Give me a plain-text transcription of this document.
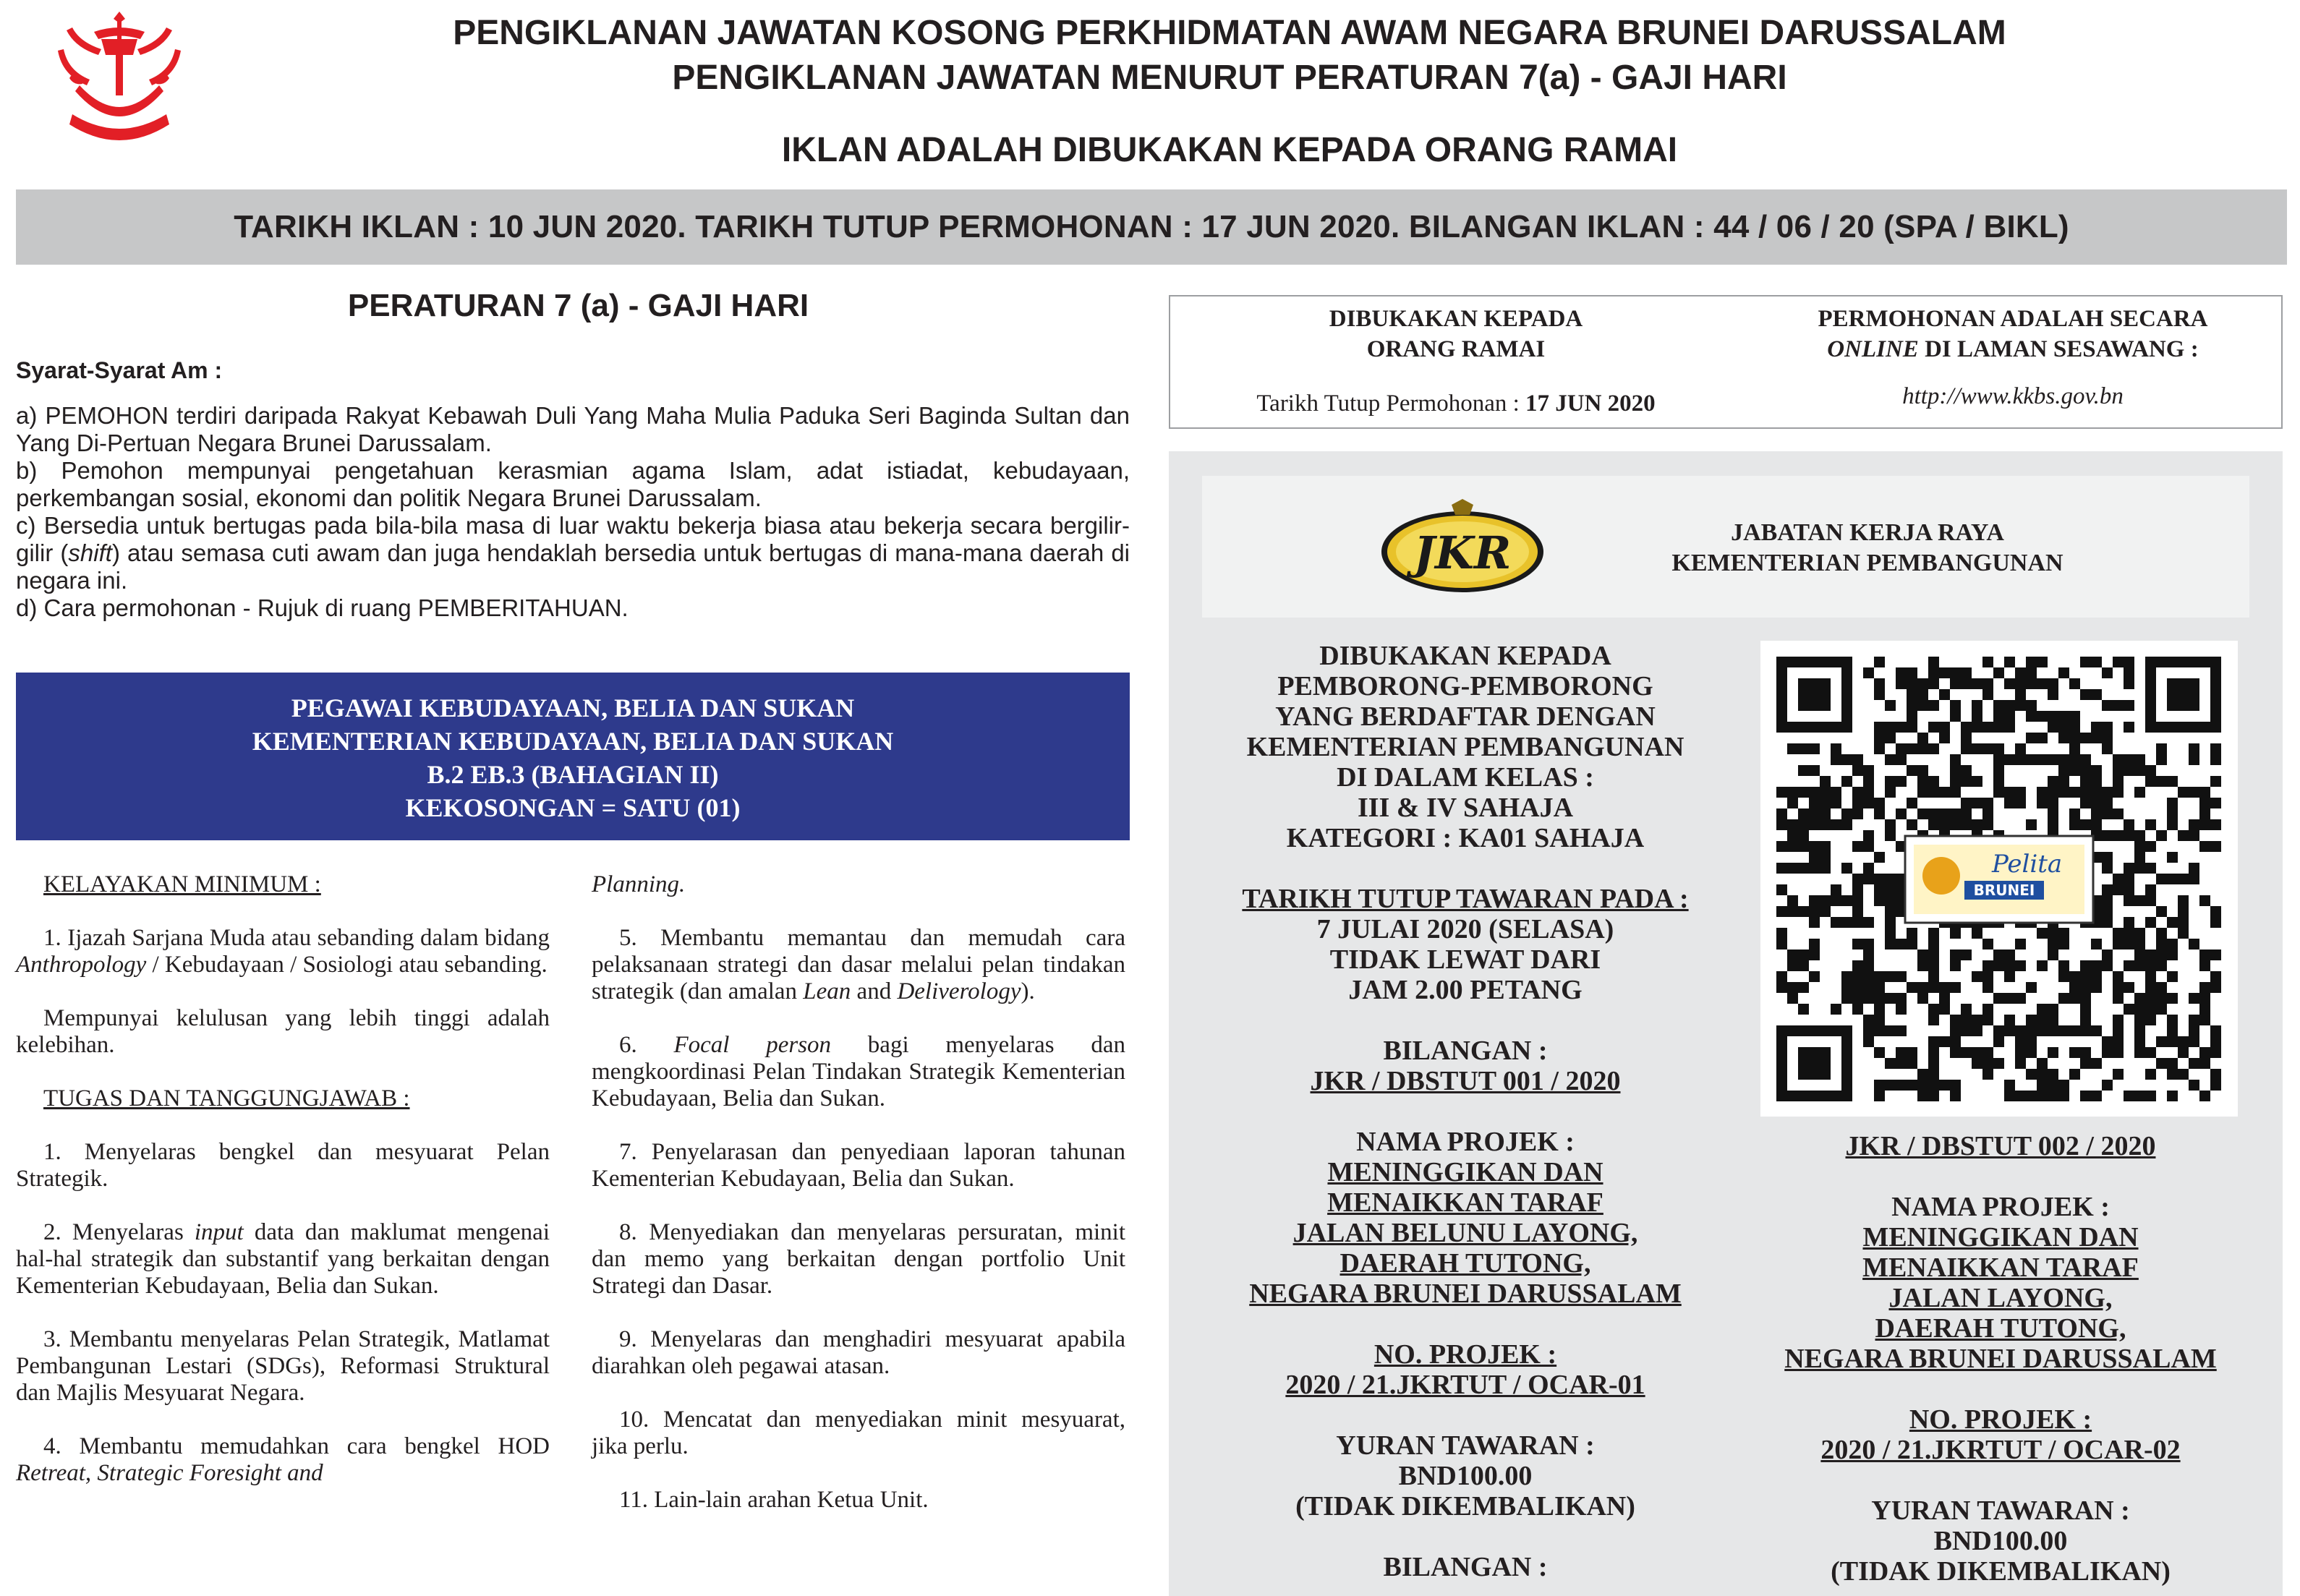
PENGIKLANAN JAWATAN KOSONG PERKHIDMATAN AWAM NEGARA BRUNEI DARUSSALAM
PENGIKLANAN JAWATAN MENURUT PERATURAN 7(a) - GAJI HARI
IKLAN ADALAH DIBUKAKAN KEPADA ORANG RAMAI
TARIKH IKLAN : 10 JUN 2020. TARIKH TUTUP PERMOHONAN : 17 JUN 2020. BILANGAN IKLAN : 44 / 06 / 20 (SPA / BIKL)
PERATURAN 7 (a) - GAJI HARI
Syarat-Syarat Am :

a) PEMOHON terdiri daripada Rakyat Kebawah Duli Yang Maha Mulia Paduka Seri Baginda Sultan dan Yang Di-Pertuan Negara Brunei Darussalam.

b) Pemohon mempunyai pengetahuan kerasmian agama Islam, adat istiadat, kebudayaan, perkembangan sosial, ekonomi dan politik Negara Brunei Darussalam.

c) Bersedia untuk bertugas pada bila-bila masa di luar waktu bekerja biasa atau bekerja secara bergilir-gilir (shift) atau semasa cuti awam dan juga hendaklah bersedia untuk bertugas di mana-mana daerah di negara ini.

d) Cara permohonan - Rujuk di ruang PEMBERITAHUAN.

PEGAWAI KEBUDAYAAN, BELIA DAN SUKAN
KEMENTERIAN KEBUDAYAAN, BELIA DAN SUKAN
B.2 EB.3 (BAHAGIAN II)
KEKOSONGAN = SATU (01)

KELAYAKAN MINIMUM :

1. Ijazah Sarjana Muda atau sebanding dalam bidang Anthropology / Kebudayaan / Sosiologi atau sebanding.

Mempunyai kelulusan yang lebih tinggi adalah kelebihan.

TUGAS DAN TANGGUNGJAWAB :

1. Menyelaras bengkel dan mesyuarat Pelan Strategik.

2. Menyelaras input data dan maklumat mengenai hal-hal strategik dan substantif yang berkaitan dengan Kementerian Kebudayaan, Belia dan Sukan.

3. Membantu menyelaras Pelan Strategik, Matlamat Pembangunan Lestari (SDGs), Reformasi Struktural dan Majlis Mesyuarat Negara.

4. Membantu memudahkan cara bengkel HOD Retreat, Strategic Foresight and

Planning.

5. Membantu memantau dan memudah cara pelaksanaan strategi dan dasar melalui pelan tindakan strategik (dan amalan Lean and Deliverology).

6. Focal person bagi menyelaras dan mengkoordinasi Pelan Tindakan Strategik Kementerian Kebudayaan, Belia dan Sukan.

7. Penyelarasan dan penyediaan laporan tahunan Kementerian Kebudayaan, Belia dan Sukan.

8. Menyediakan dan menyelaras persuratan, minit dan memo yang berkaitan dengan portfolio Unit Strategi dan Dasar.

9. Menyelaras dan menghadiri mesyuarat apabila diarahkan oleh pegawai atasan.

10. Mencatat dan menyediakan minit mesyuarat, jika perlu.

11. Lain-lain arahan Ketua Unit.

DIBUKAKAN KEPADA
ORANG RAMAI
Tarikh Tutup Permohonan : 17 JUN 2020
PERMOHONAN ADALAH SECARA
ONLINE DI LAMAN SESAWANG :
http://www.kkbs.gov.bn
JKR	JABATAN KERJA RAYA
KEMENTERIAN PEMBANGUNAN
DIBUKAKAN KEPADA
PEMBORONG-PEMBORONG
YANG BERDAFTAR DENGAN
KEMENTERIAN PEMBANGUNAN
DI DALAM KELAS :
III & IV SAHAJA
KATEGORI : KA01 SAHAJA
TARIKH TUTUP TAWARAN PADA :
7 JULAI 2020 (SELASA)
TIDAK LEWAT DARI
JAM 2.00 PETANG
BILANGAN :
JKR / DBSTUT 001 / 2020
NAMA PROJEK :
MENINGGIKAN DAN
MENAIKKAN TARAF
JALAN BELUNU LAYONG,
DAERAH TUTONG,
NEGARA BRUNEI DARUSSALAM
NO. PROJEK :
2020 / 21.JKRTUT / OCAR-01
YURAN TAWARAN :
BND100.00
(TIDAK DIKEMBALIKAN)
BILANGAN :
Pelita
BRUNEI
JKR / DBSTUT 002 / 2020
NAMA PROJEK :
MENINGGIKAN DAN
MENAIKKAN TARAF
JALAN LAYONG,
DAERAH TUTONG,
NEGARA BRUNEI DARUSSALAM
NO. PROJEK :
2020 / 21.JKRTUT / OCAR-02
YURAN TAWARAN :
BND100.00
(TIDAK DIKEMBALIKAN)
